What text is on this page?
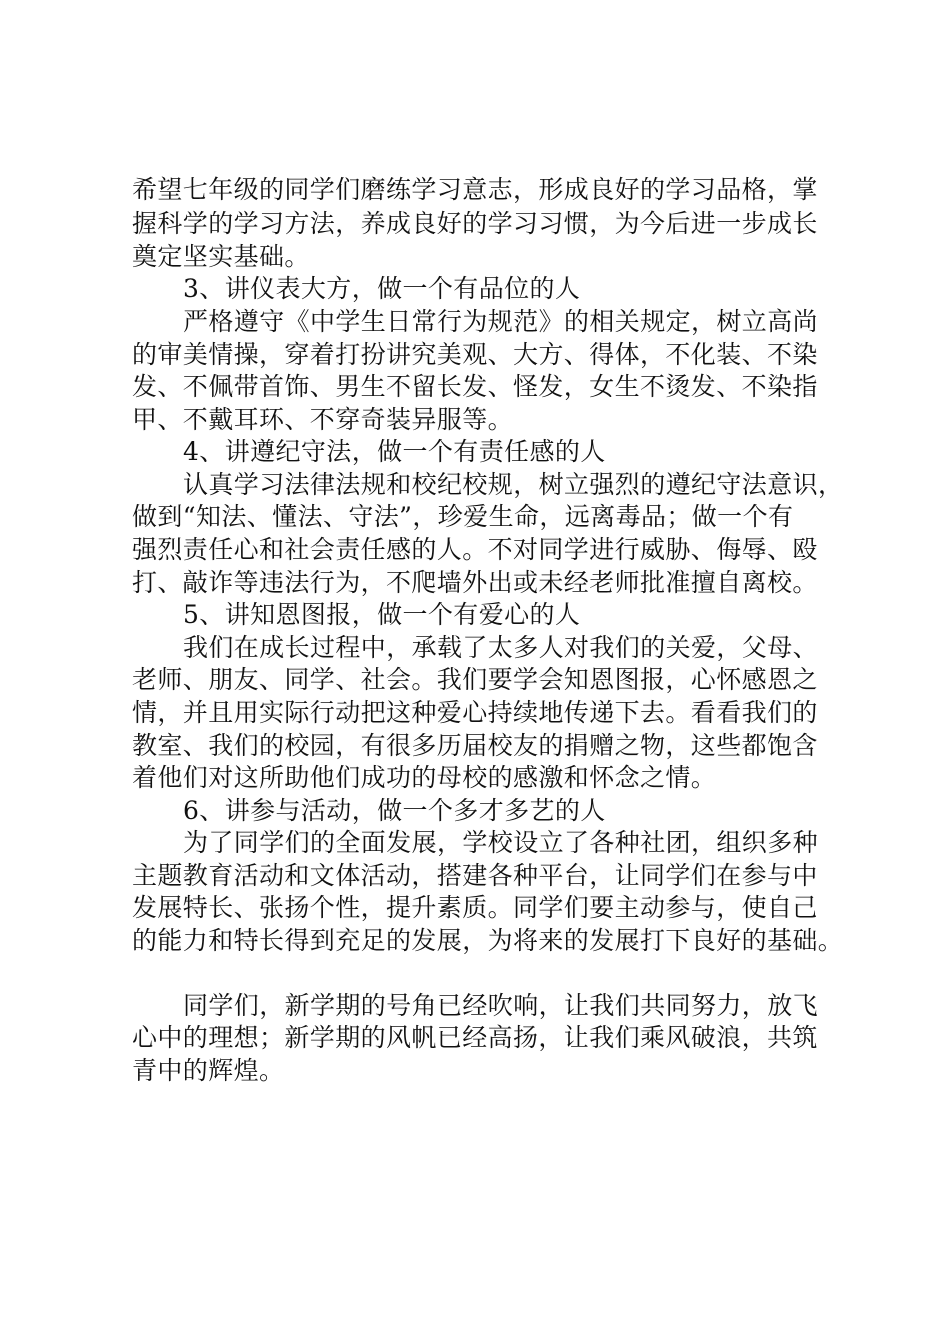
希望七年级的同学们磨练学习意志，形成良好的学习品格，掌
握科学的学习方法，养成良好的学习习惯，为今后进一步成长
奠定坚实基础。
3、讲仪表大方，做一个有品位的人
严格遵守《中学生日常行为规范》的相关规定，树立高尚
的审美情操，穿着打扮讲究美观、大方、得体，不化装、不染
发、不佩带首饰、男生不留长发、怪发，女生不烫发、不染指
甲、不戴耳环、不穿奇装异服等。
4、讲遵纪守法，做一个有责任感的人
认真学习法律法规和校纪校规，树立强烈的遵纪守法意识，
做到“知法、懂法、守法”，珍爱生命，远离毒品；做一个有
强烈责任心和社会责任感的人。不对同学进行威胁、侮辱、殴
打、敲诈等违法行为，不爬墙外出或未经老师批准擅自离校。
5、讲知恩图报，做一个有爱心的人
我们在成长过程中，承载了太多人对我们的关爱，父母、
老师、朋友、同学、社会。我们要学会知恩图报，心怀感恩之
情，并且用实际行动把这种爱心持续地传递下去。看看我们的
教室、我们的校园，有很多历届校友的捐赠之物，这些都饱含
着他们对这所助他们成功的母校的感激和怀念之情。
6、讲参与活动，做一个多才多艺的人
为了同学们的全面发展，学校设立了各种社团，组织多种
主题教育活动和文体活动，搭建各种平台，让同学们在参与中
发展特长、张扬个性，提升素质。同学们要主动参与，使自己
的能力和特长得到充足的发展，为将来的发展打下良好的基础。
同学们，新学期的号角已经吹响，让我们共同努力，放飞
心中的理想；新学期的风帆已经高扬，让我们乘风破浪，共筑
青中的辉煌。
